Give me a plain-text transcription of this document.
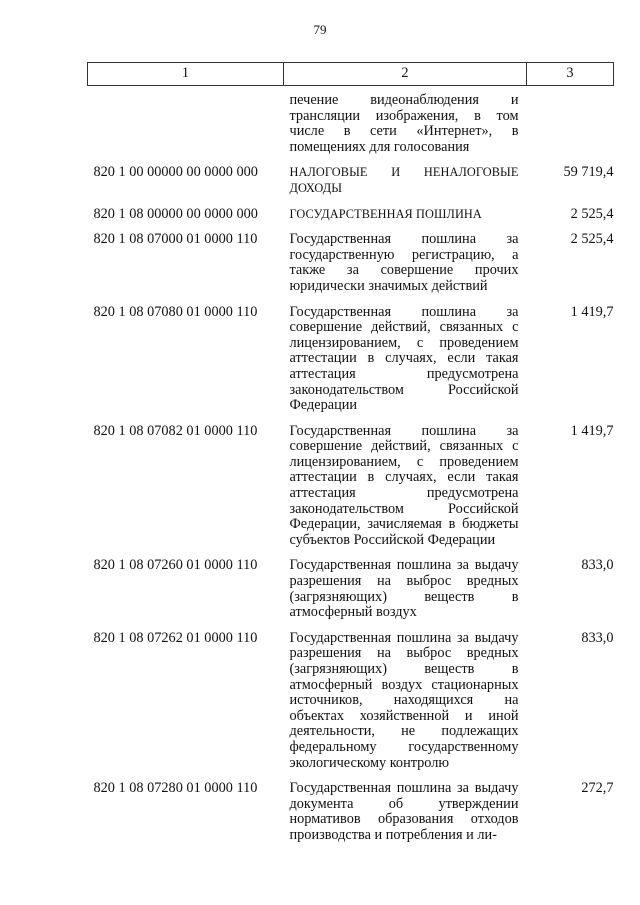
79
1	2	3
	печение видеонаблюдения и трансляции изображения, в том числе в сети «Интернет», в помещениях для голосования	
820 1 00 00000 00 0000 000	НАЛОГОВЫЕ И НЕНАЛОГОВЫЕ ДОХОДЫ	59 719,4
820 1 08 00000 00 0000 000	ГОСУДАРСТВЕННАЯ ПОШЛИНА	2 525,4
820 1 08 07000 01 0000 110	Государственная пошлина за государственную регистрацию, а также за совершение прочих юридически значимых действий	2 525,4
820 1 08 07080 01 0000 110	Государственная пошлина за совершение действий, связанных с лицензированием, с проведением аттестации в случаях, если такая аттестация предусмотрена законодательством Российской Федерации	1 419,7
820 1 08 07082 01 0000 110	Государственная пошлина за совершение действий, связанных с лицензированием, с проведением аттестации в случаях, если такая аттестация предусмотрена законодательством Российской Федерации, зачисляемая в бюджеты субъектов Российской Федерации	1 419,7
820 1 08 07260 01 0000 110	Государственная пошлина за выдачу разрешения на выброс вредных (загрязняющих) веществ в атмосферный воздух	833,0
820 1 08 07262 01 0000 110	Государственная пошлина за выдачу разрешения на выброс вредных (загрязняющих) веществ в атмосферный воздух стационарных источников, находящихся на объектах хозяйственной и иной деятельности, не подлежащих федеральному государственному экологическому контролю	833,0
820 1 08 07280 01 0000 110	Государственная пошлина за выдачу документа об утверждении нормативов образования отходов производства и потребления и ли-	272,7
